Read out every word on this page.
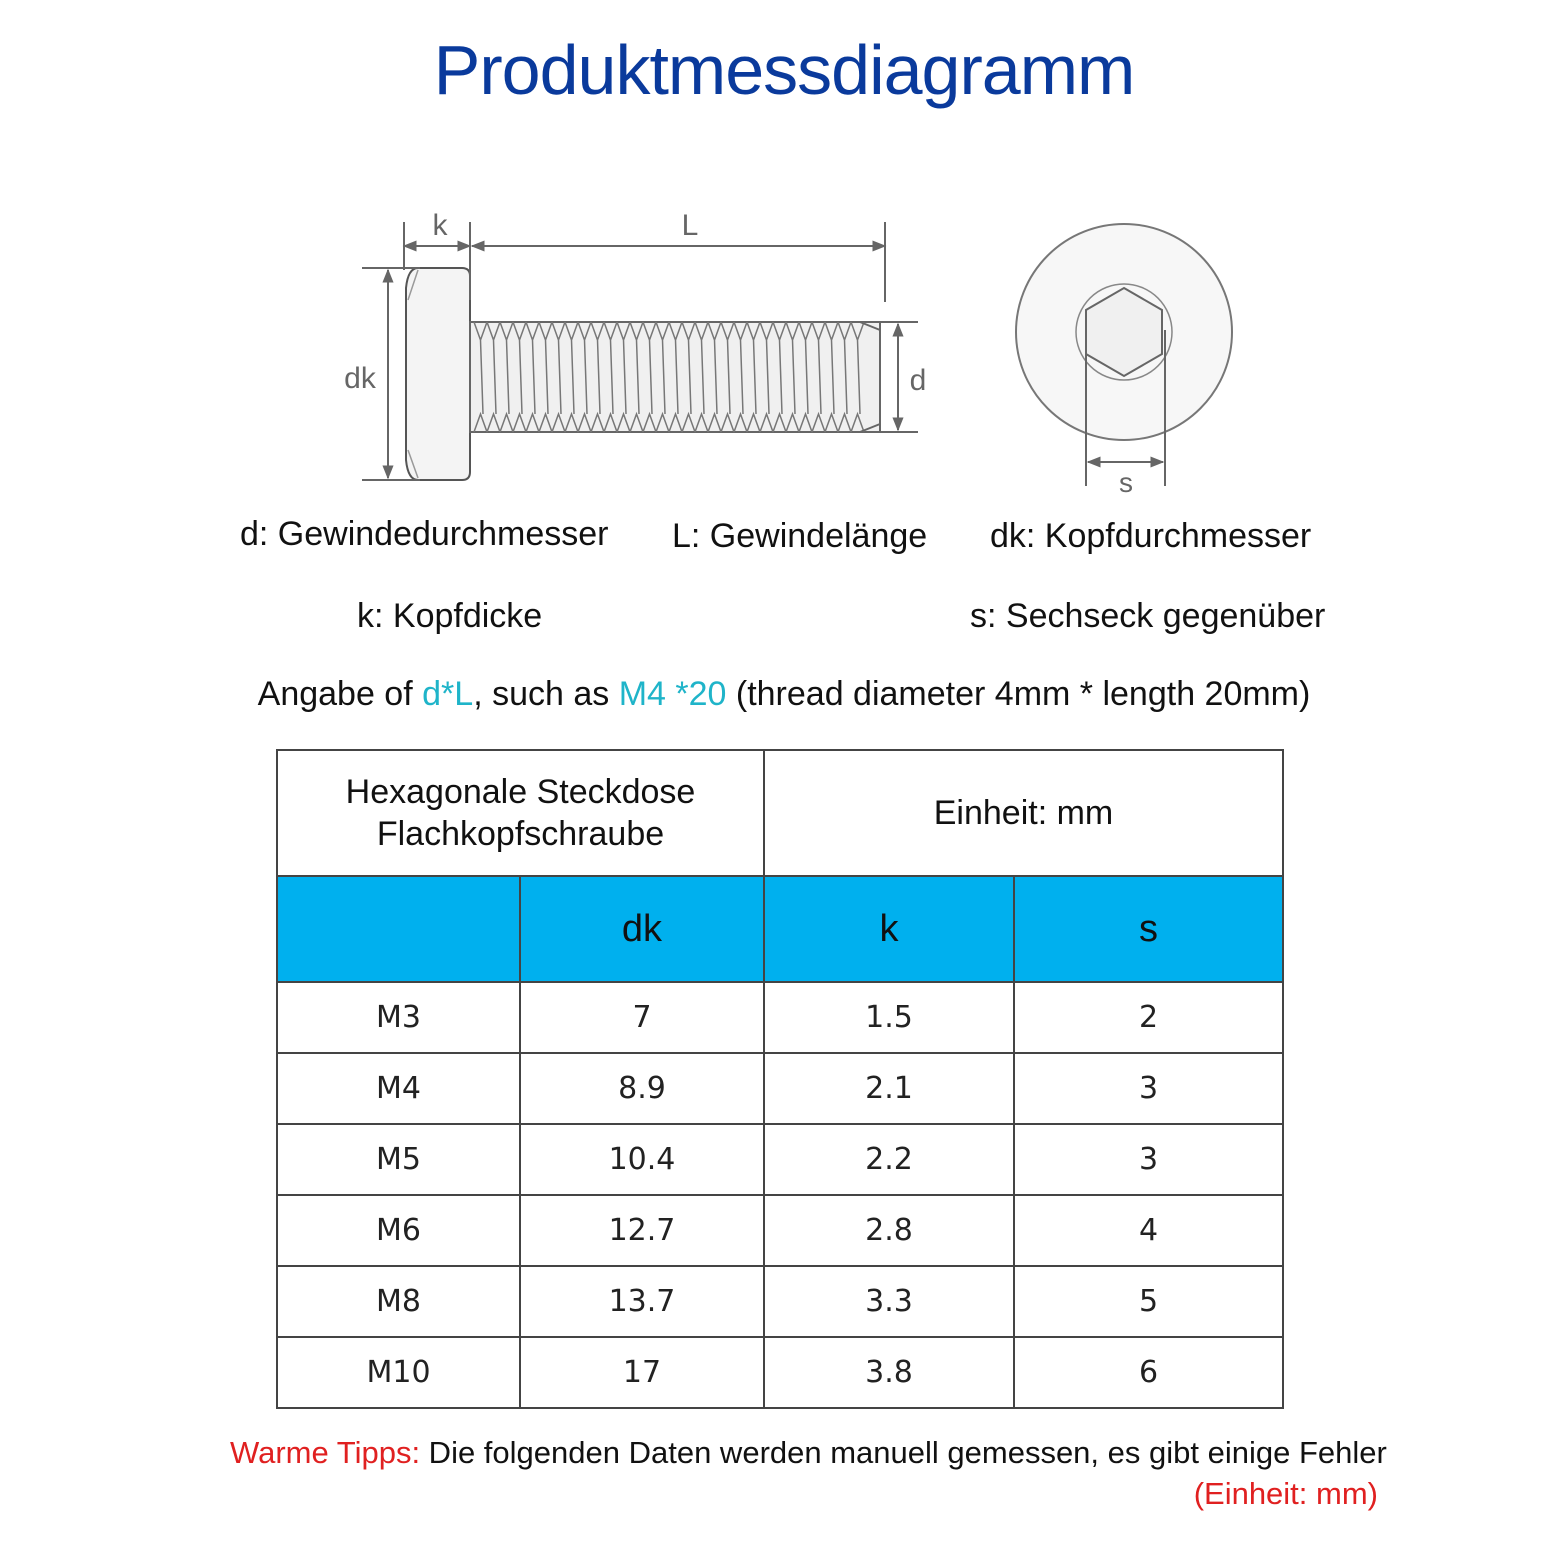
Produktmessdiagramm
k	L
dk	d
s
d: Gewindedurchmesser L: Gewindelänge dk: Kopfdurchmesser
k: Kopfdicke	s: Sechseck gegenüber
Angabe of d*L, such as M4 *20 (thread diameter 4mm * length 20mm)
Hexagonale Steckdose
Flachkopfschraube		Einheit: mm	
	dk	k	s
M3	7	1.5	2
M4	8.9	2.1	3
M5	10.4	2.2	3
M6	12.7	2.8	4
M8	13.7	3.3	5
M10	17	3.8	6
Warme Tipps: Die folgenden Daten werden manuell gemessen, es gibt einige Fehler
(Einheit: mm)
